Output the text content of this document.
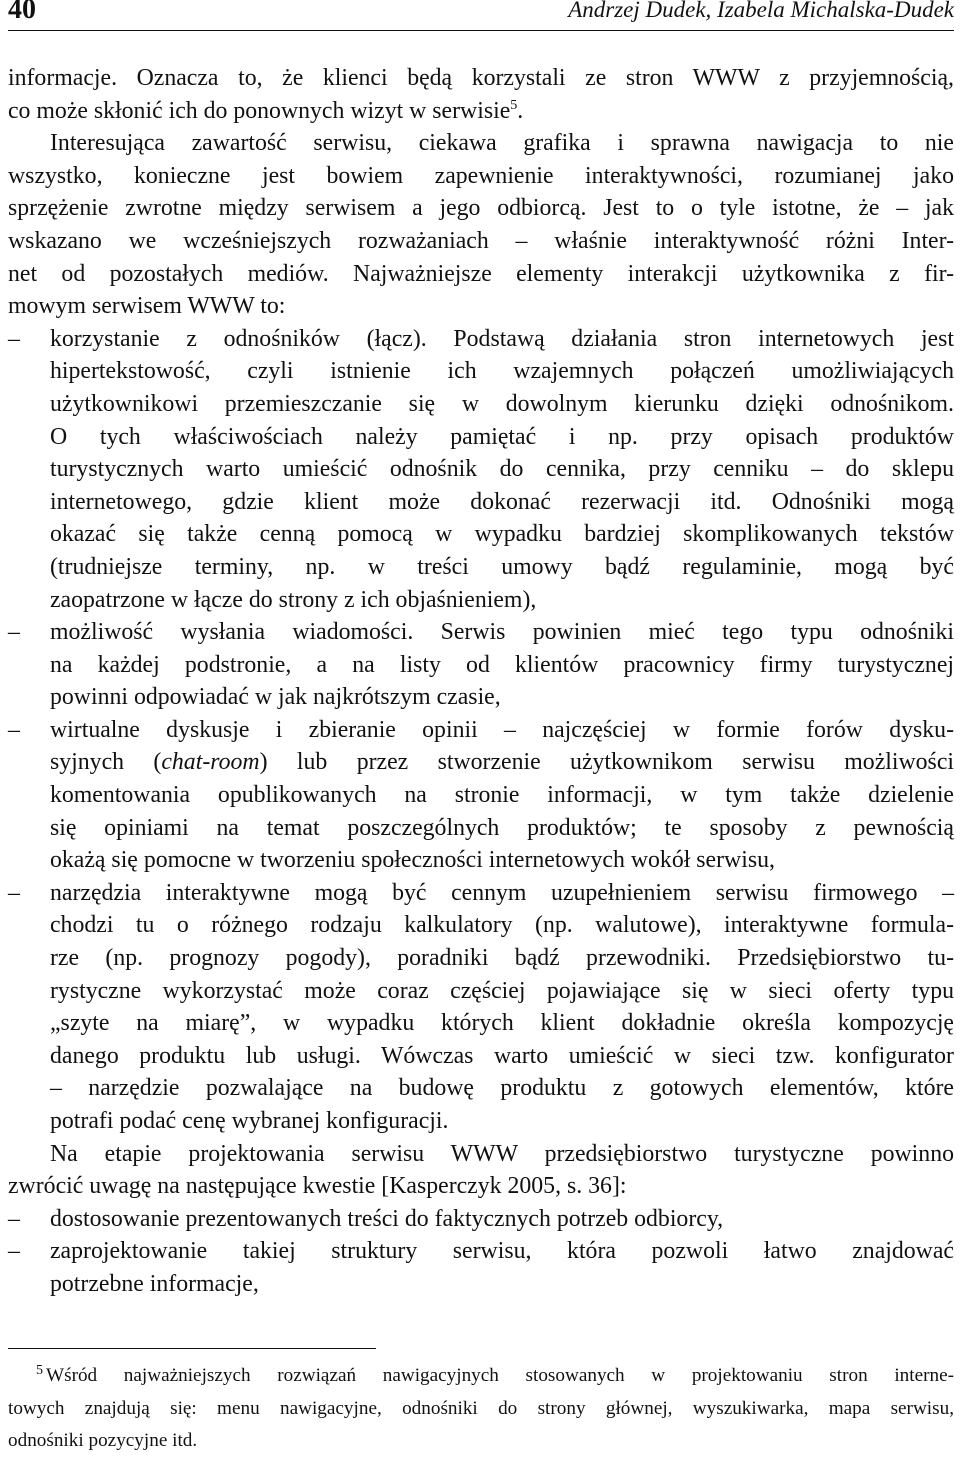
40	Andrzej Dudek, Izabela Michalska-Dudek
informacje. Oznacza to, że klienci będą korzystali ze stron WWW z przyjemnością,
co może skłonić ich do ponownych wizyt w serwisie$^5$.
Interesująca zawartość serwisu, ciekawa grafika i sprawna nawigacja to nie
wszystko, konieczne jest bowiem zapewnienie interaktywności, rozumianej jako
sprzężenie zwrotne między serwisem a jego odbiorcą. Jest to o tyle istotne, że – jak
wskazano we wcześniejszych rozważaniach – właśnie interaktywność różni Inter-
net od pozostałych mediów. Najważniejsze elementy interakcji użytkownika z fir-
mowym serwisem WWW to:
– korzystanie z odnośników (łącz). Podstawą działania stron internetowych jest
hipertekstowość, czyli istnienie ich wzajemnych połączeń umożliwiających
użytkownikowi przemieszczanie się w dowolnym kierunku dzięki odnośnikom.
O tych właściwościach należy pamiętać i np. przy opisach produktów
turystycznych warto umieścić odnośnik do cennika, przy cenniku – do sklepu
internetowego, gdzie klient może dokonać rezerwacji itd. Odnośniki mogą
okazać się także cenną pomocą w wypadku bardziej skomplikowanych tekstów
(trudniejsze terminy, np. w treści umowy bądź regulaminie, mogą być
zaopatrzone w łącze do strony z ich objaśnieniem),
– możliwość wysłania wiadomości. Serwis powinien mieć tego typu odnośniki
na każdej podstronie, a na listy od klientów pracownicy firmy turystycznej
powinni odpowiadać w jak najkrótszym czasie,
– wirtualne dyskusje i zbieranie opinii – najczęściej w formie forów dysku-
syjnych (chat-room) lub przez stworzenie użytkownikom serwisu możliwości
komentowania opublikowanych na stronie informacji, w tym także dzielenie
się opiniami na temat poszczególnych produktów; te sposoby z pewnością
okażą się pomocne w tworzeniu społeczności internetowych wokół serwisu,
– narzędzia interaktywne mogą być cennym uzupełnieniem serwisu firmowego –
chodzi tu o różnego rodzaju kalkulatory (np. walutowe), interaktywne formula-
rze (np. prognozy pogody), poradniki bądź przewodniki. Przedsiębiorstwo tu-
rystyczne wykorzystać może coraz częściej pojawiające się w sieci oferty typu
„szyte na miarę”, w wypadku których klient dokładnie określa kompozycję
danego produktu lub usługi. Wówczas warto umieścić w sieci tzw. konfigurator
– narzędzie pozwalające na budowę produktu z gotowych elementów, które
potrafi podać cenę wybranej konfiguracji.
Na etapie projektowania serwisu WWW przedsiębiorstwo turystyczne powinno
zwrócić uwagę na następujące kwestie [Kasperczyk 2005, s. 36]:
– dostosowanie prezentowanych treści do faktycznych potrzeb odbiorcy,
– zaprojektowanie takiej struktury serwisu, która pozwoli łatwo znajdować
potrzebne informacje,
$^5$ Wśród najważniejszych rozwiązań nawigacyjnych stosowanych w projektowaniu stron interne-
towych znajdują się: menu nawigacyjne, odnośniki do strony głównej, wyszukiwarka, mapa serwisu,
odnośniki pozycyjne itd.
